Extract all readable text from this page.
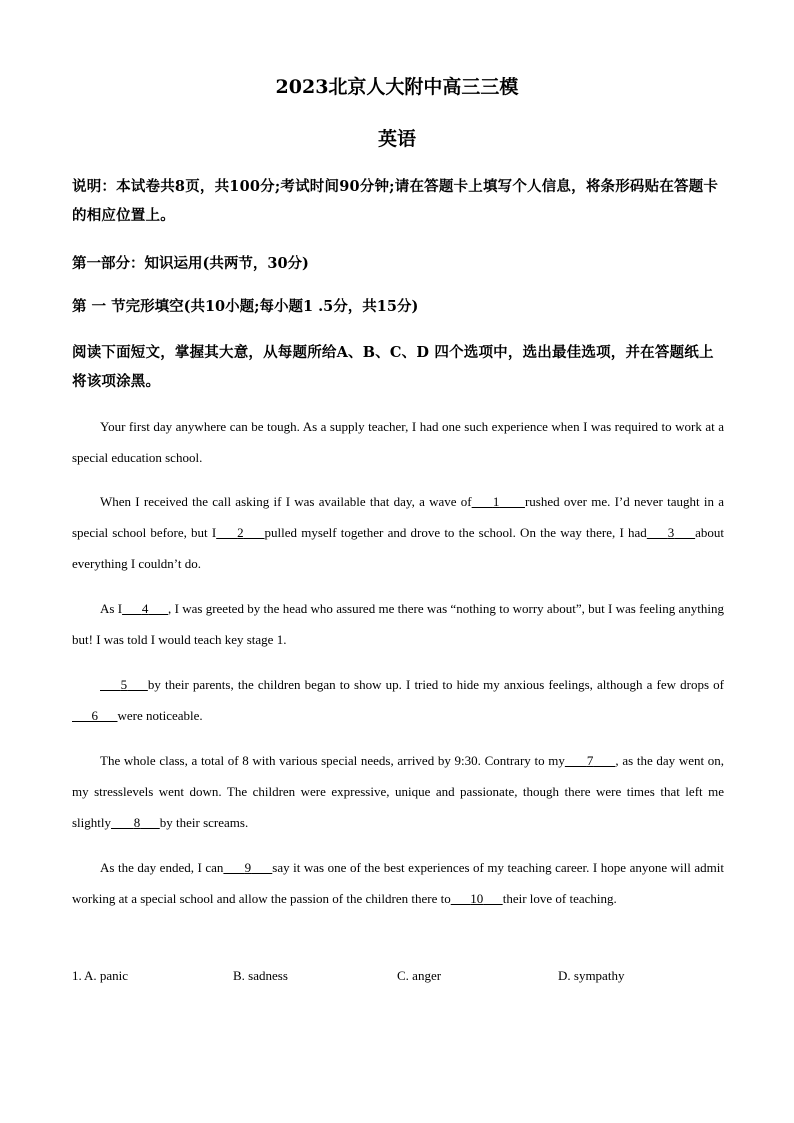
2023北京人大附中高三三模
英语
说明：本试卷共8页，共100分;考试时间90分钟;请在答题卡上填写个人信息，将条形码贴在答题卡的相应位置上。
第一部分：知识运用(共两节，30分)
第 一 节完形填空(共10小题;每小题1 .5分，共15分)
阅读下面短文，掌握其大意，从每题所给A、B、C、D 四个选项中，选出最佳选项，并在答题纸上将该项涂黑。
Your first day anywhere can be tough. As a supply teacher, I had one such experience when I was required to work at a special education school.
When I received the call asking if I was available that day, a wave of 1 rushed over me. I’d never taught in a special school before, but I 2 pulled myself together and drove to the school. On the way there, I had 3 about everything I couldn’t do.
As I 4 , I was greeted by the head who assured me there was “nothing to worry about”, but I was feeling anything but! I was told I would teach key stage 1.
5 by their parents, the children began to show up. I tried to hide my anxious feelings, although a few drops of      6 were noticeable.
The whole class, a total of 8 with various special needs, arrived by 9:30. Contrary to my 7 , as the day went on, my stresslevels went down. The children were expressive, unique and passionate, though there were times that left me slightly 8 by their screams.
As the day ended, I can 9 say it was one of the best experiences of my teaching career. I hope anyone will admit working at a special school and allow the passion of the children there to 10 their love of teaching.
1. A. panic	B. sadness	C. anger	D. sympathy
